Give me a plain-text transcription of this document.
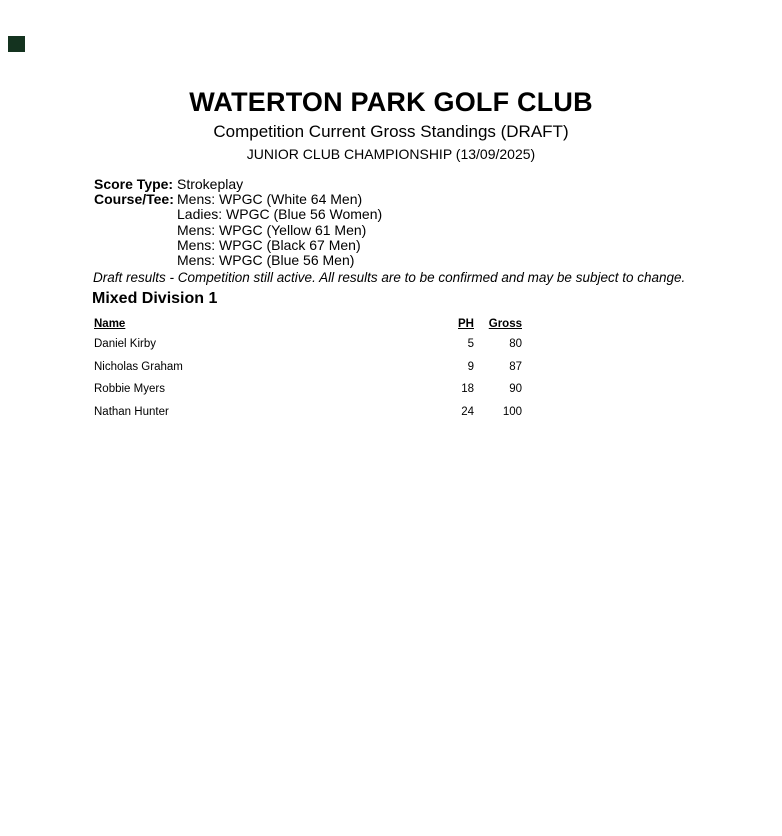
WATERTON PARK GOLF CLUB
Competition Current Gross Standings (DRAFT)
JUNIOR CLUB CHAMPIONSHIP (13/09/2025)
Score Type: Strokeplay
Course/Tee: Mens: WPGC (White 64 Men)
Ladies: WPGC (Blue 56 Women)
Mens: WPGC (Yellow 61 Men)
Mens: WPGC (Black 67 Men)
Mens: WPGC (Blue 56 Men)
Draft results - Competition still active. All results are to be confirmed and may be subject to change.
Mixed Division 1
Name	PH	Gross
Daniel Kirby	5	80
Nicholas Graham	9	87
Robbie Myers	18	90
Nathan Hunter	24	100
